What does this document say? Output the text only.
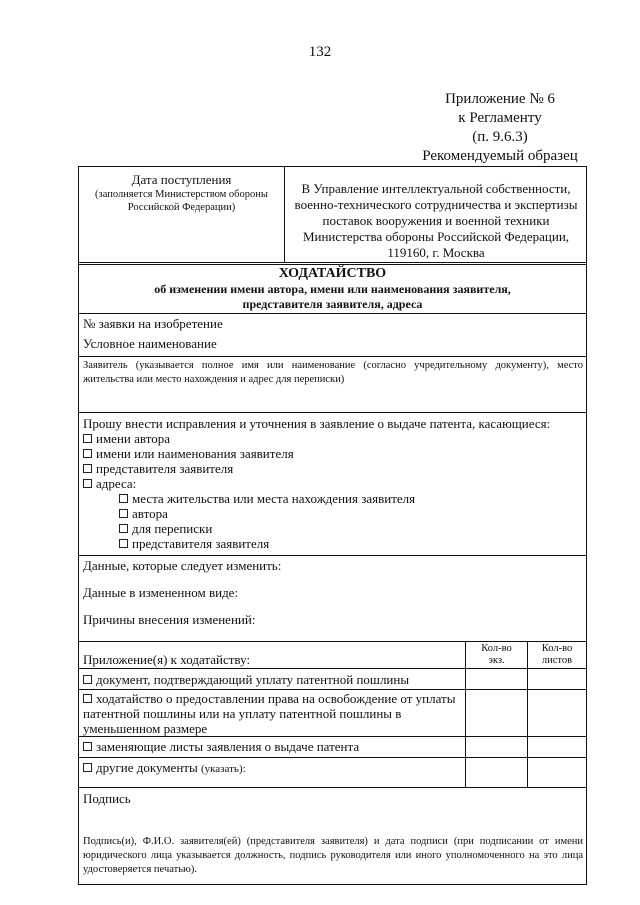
132
Приложение № 6
к Регламенту
(п. 9.6.3)
Рекомендуемый образец
Дата поступления
(заполняется Министерством обороны
Российской Федерации)
В Управление интеллектуальной собственности,
военно-технического сотрудничества и экспертизы
поставок вооружения и военной техники
Министерства обороны Российской Федерации,
119160, г. Москва
ХОДАТАЙСТВО
об изменении имени автора, имени или наименования заявителя,
представителя заявителя, адреса
№ заявки на изобретение
Условное наименование
Заявитель (указывается полное имя или наименование (согласно учредительному документу), место жительства или место нахождения и адрес для переписки)
Прошу внести исправления и уточнения в заявление о выдаче патента, касающиеся:
имени автора
имени или наименования заявителя
представителя заявителя
адреса:
места жительства или места нахождения заявителя
автора
для переписки
представителя заявителя
Данные, которые следует изменить:
Данные в измененном виде:
Причины внесения изменений:
Приложение(я) к ходатайству:
Кол-во
экз.
Кол-во
листов
документ, подтверждающий уплату патентной пошлины
ходатайство о предоставлении права на освобождение от уплаты
патентной пошлины или на уплату патентной пошлины в
уменьшенном размере
заменяющие листы заявления о выдаче патента
другие документы (указать):
Подпись
Подпись(и), Ф.И.О. заявителя(ей) (представителя заявителя) и дата подписи (при подписании от имени юридического лица указывается должность, подпись руководителя или иного уполномоченного на это лица удостоверяется печатью).
